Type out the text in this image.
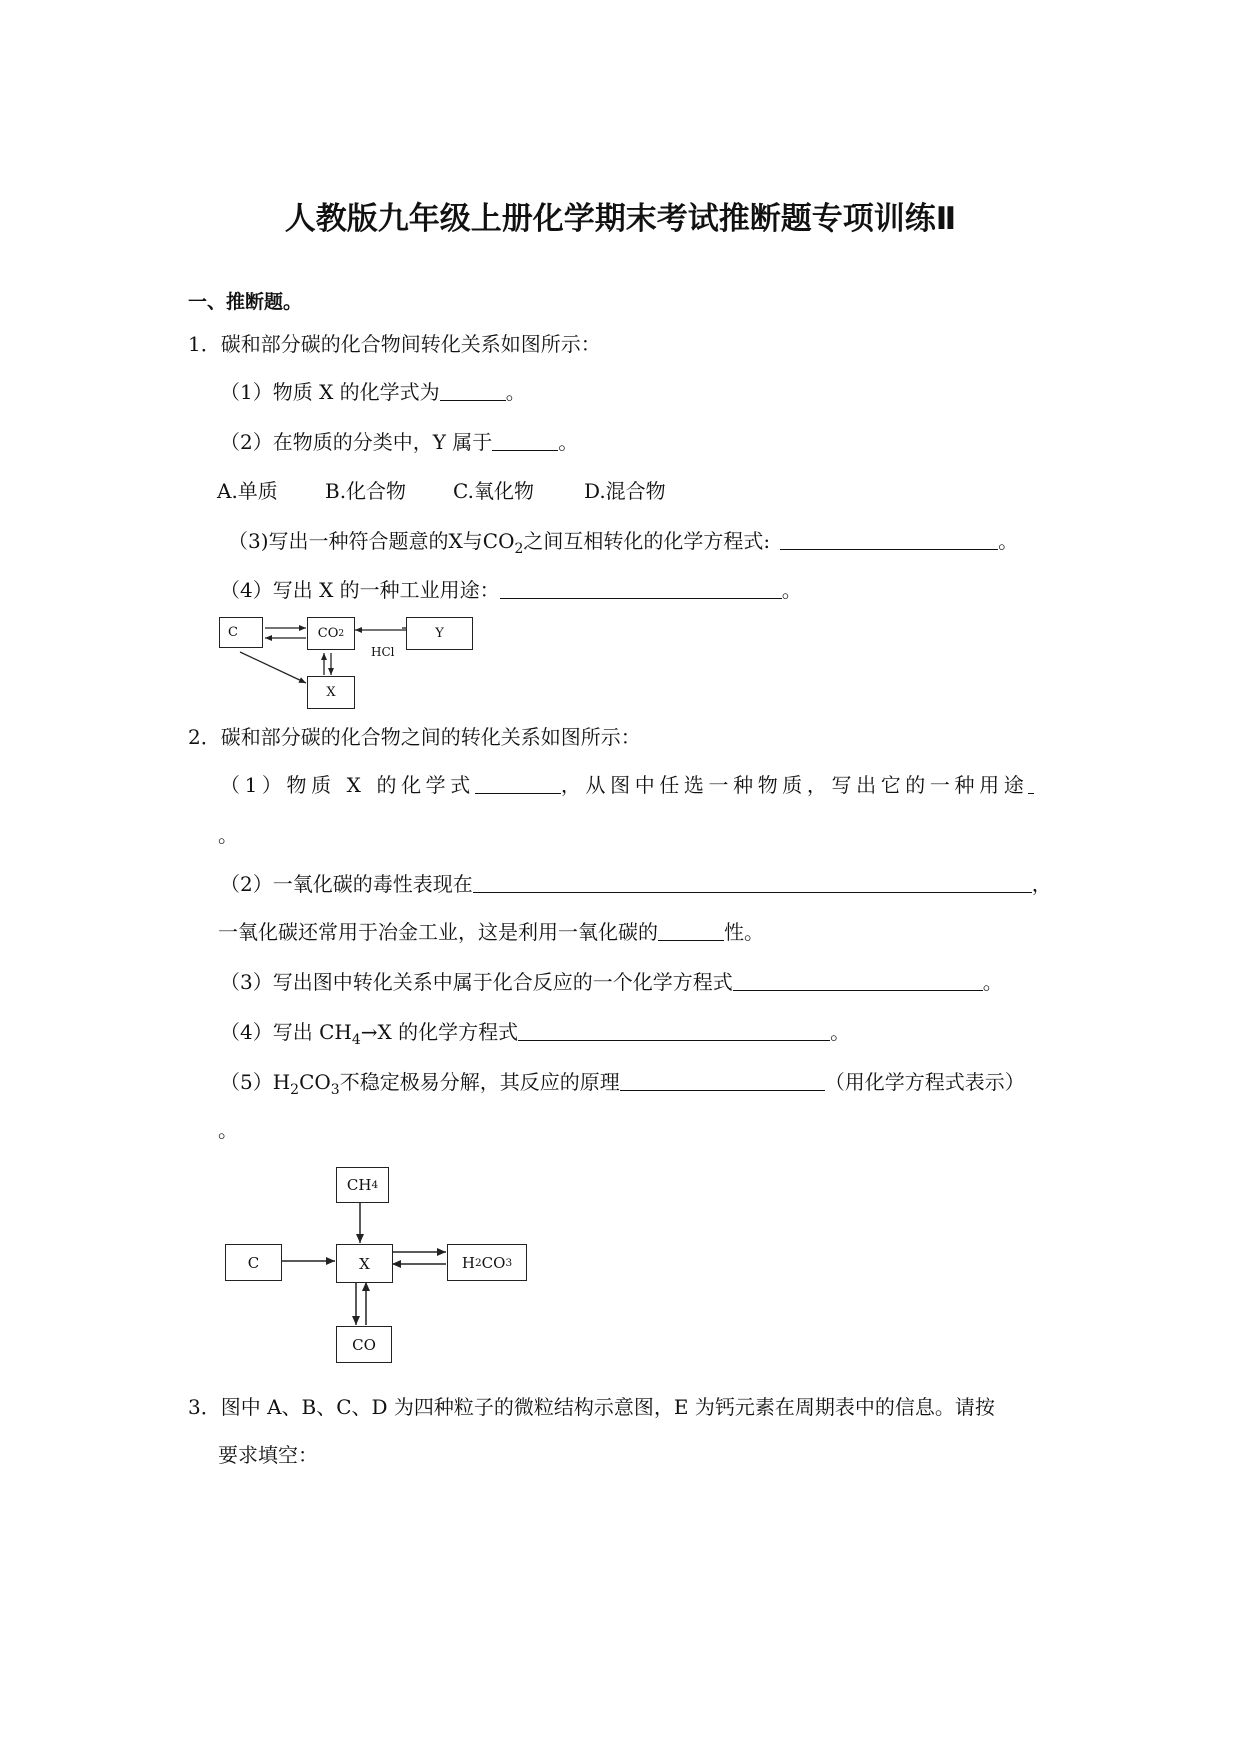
人教版九年级上册化学期末考试推断题专项训练Ⅱ
一、推断题。
1．碳和部分碳的化合物间转化关系如图所示：
（1）物质 X 的化学式为	。
（2）在物质的分类中，Y 属于	。
A.单质 B.化合物 C.氧化物	D.混合物
（3)写出一种符合题意的X与$CO_2$之间互相转化的化学方程式:	。
（4）写出 X 的一种工业用途：	。
C	CO 2	Y
X
HCl
2．碳和部分碳的化合物之间的转化关系如图所示：
（1）物质 X 的化学式	，从图中任选一种物质，写出它的一种用途
。
（2）一氧化碳的毒性表现在	，
一氧化碳还常用于冶金工业，这是利用一氧化碳的	性。
（3）写出图中转化关系中属于化合反应的一个化学方程式	。
（4）写出 $CH_4\to X$ 的化学方程式	。
$(5)H_2CO_3$不稳定极易分解，其反应的原理	（用化学方程式表示）
。
CH 4
C	X	H 2 CO 3
CO
3．图中 A、B、C、D 为四种粒子的微粒结构示意图，E 为钙元素在周期表中的信息。请按
要求填空：
